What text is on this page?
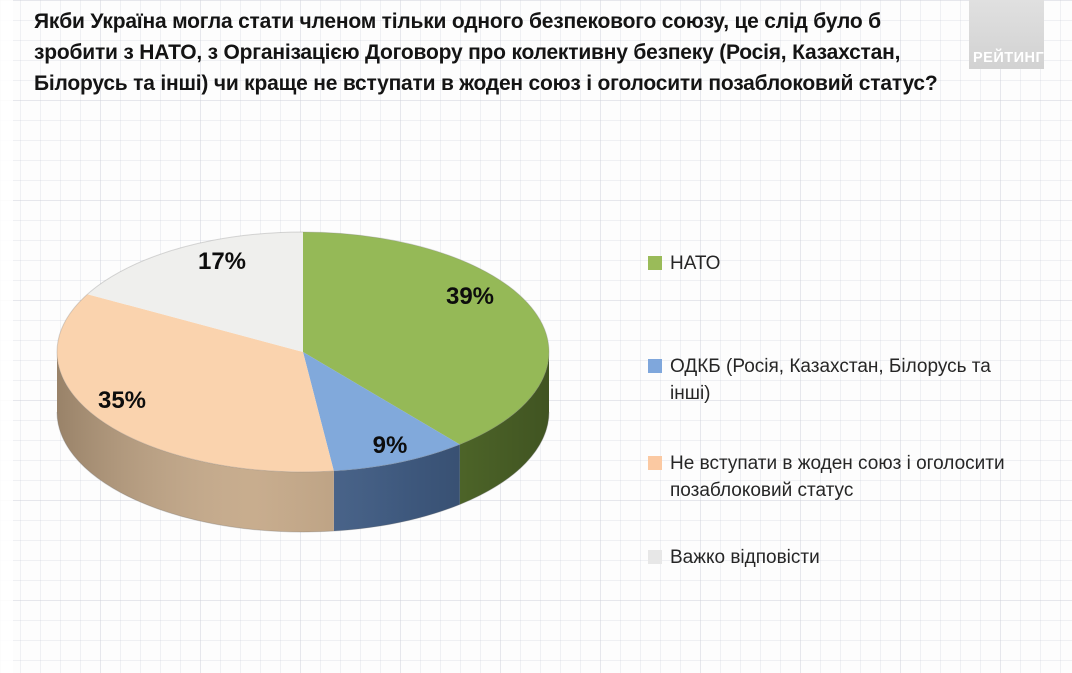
Якби Україна могла стати членом тільки одного безпекового союзу, це слід було б
зробити з НАТО, з Організацією Договору про колективну безпеку (Росія, Казахстан,
Білорусь та інші) чи краще не вступати в жоден союз і оголосити позаблоковий статус?
РЕЙТИНГ
39%
9%
35%
17%	НАТО
ОДКБ (Росія, Казахстан, Білорусь та інші)
Не вступати в жоден союз і оголосити позаблоковий статус
Важко відповісти
